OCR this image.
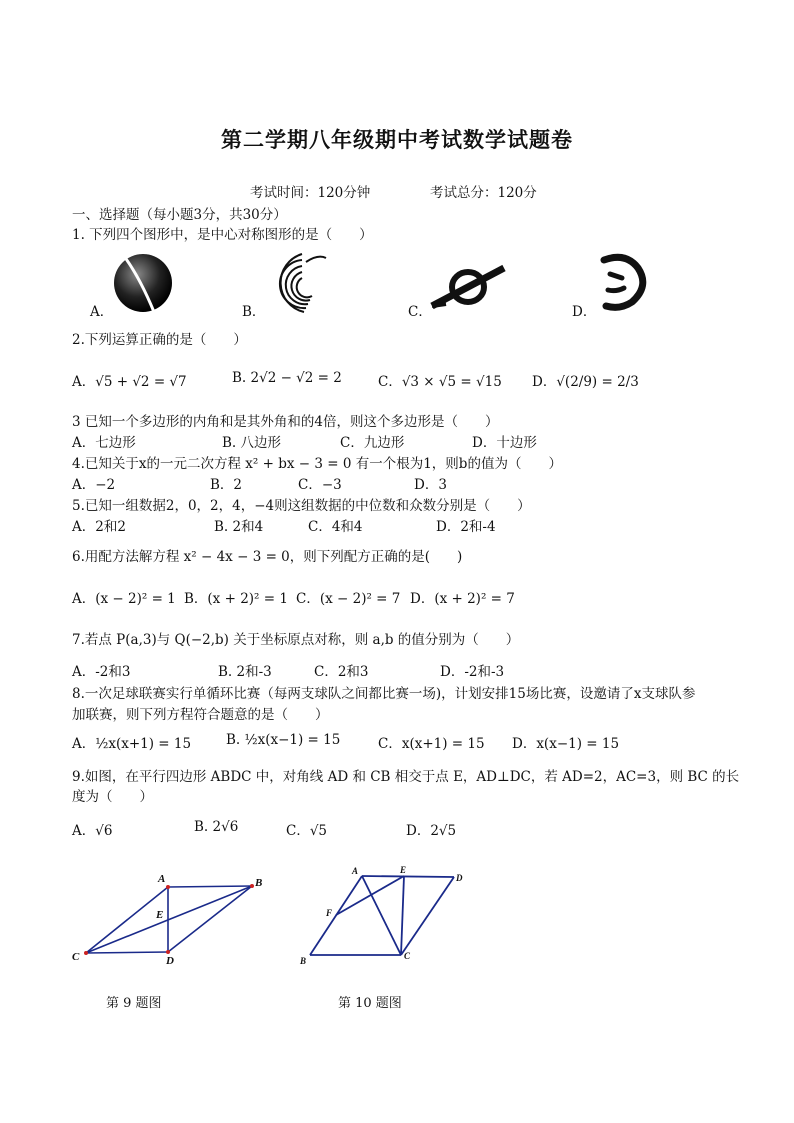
第二学期八年级期中考试数学试题卷
考试时间：120分钟	考试总分：120分
一、选择题（每小题3分，共30分）
1. 下列四个图形中，是中心对称图形的是（　　）
A．	B．	C．	D．
2.下列运算正确的是（　　）
A．√5 + √2 = √7	B. 2√2 − √2 = 2	C．√3 × √5 = √15 D．√(2/9) = 2/3
3 已知一个多边形的内角和是其外角和的4倍，则这个多边形是（　　）
A．七边形	B. 八边形	C．九边形	D．十边形
4.已知关于x的一元二次方程 x² + bx − 3 = 0 有一个根为1，则b的值为（　　）
A．−2	B．2	C．−3	D．3
5.已知一组数据2，0，2，4，−4则这组数据的中位数和众数分别是（　　）
A．2和2	B. 2和4	C．4和4	D．2和-4
6.用配方法解方程 x² − 4x − 3 = 0，则下列配方正确的是(　　)
A．(x − 2)² = 1 B．(x + 2)² = 1 C．(x − 2)² = 7 D．(x + 2)² = 7
7.若点 P(a,3)与 Q(−2,b) 关于坐标原点对称，则 a,b 的值分别为（　　）
A．-2和3	B. 2和-3	C．2和3	D．-2和-3
8.一次足球联赛实行单循环比赛（每两支球队之间都比赛一场)，计划安排15场比赛，设邀请了x支球队参
加联赛，则下列方程符合题意的是（　　）
A．½x(x+1) = 15	B. ½x(x−1) = 15	C．x(x+1) = 15 D．x(x−1) = 15
9.如图，在平行四边形 ABDC 中，对角线 AD 和 CB 相交于点 E，AD⊥DC，若 AD=2，AC=3，则 BC 的长
度为（　　）
A．√6	B. 2√6	C．√5	D．2√5
A	B
C	D
E
第 9 题图
A	E
D
F
B	C
第 10 题图
